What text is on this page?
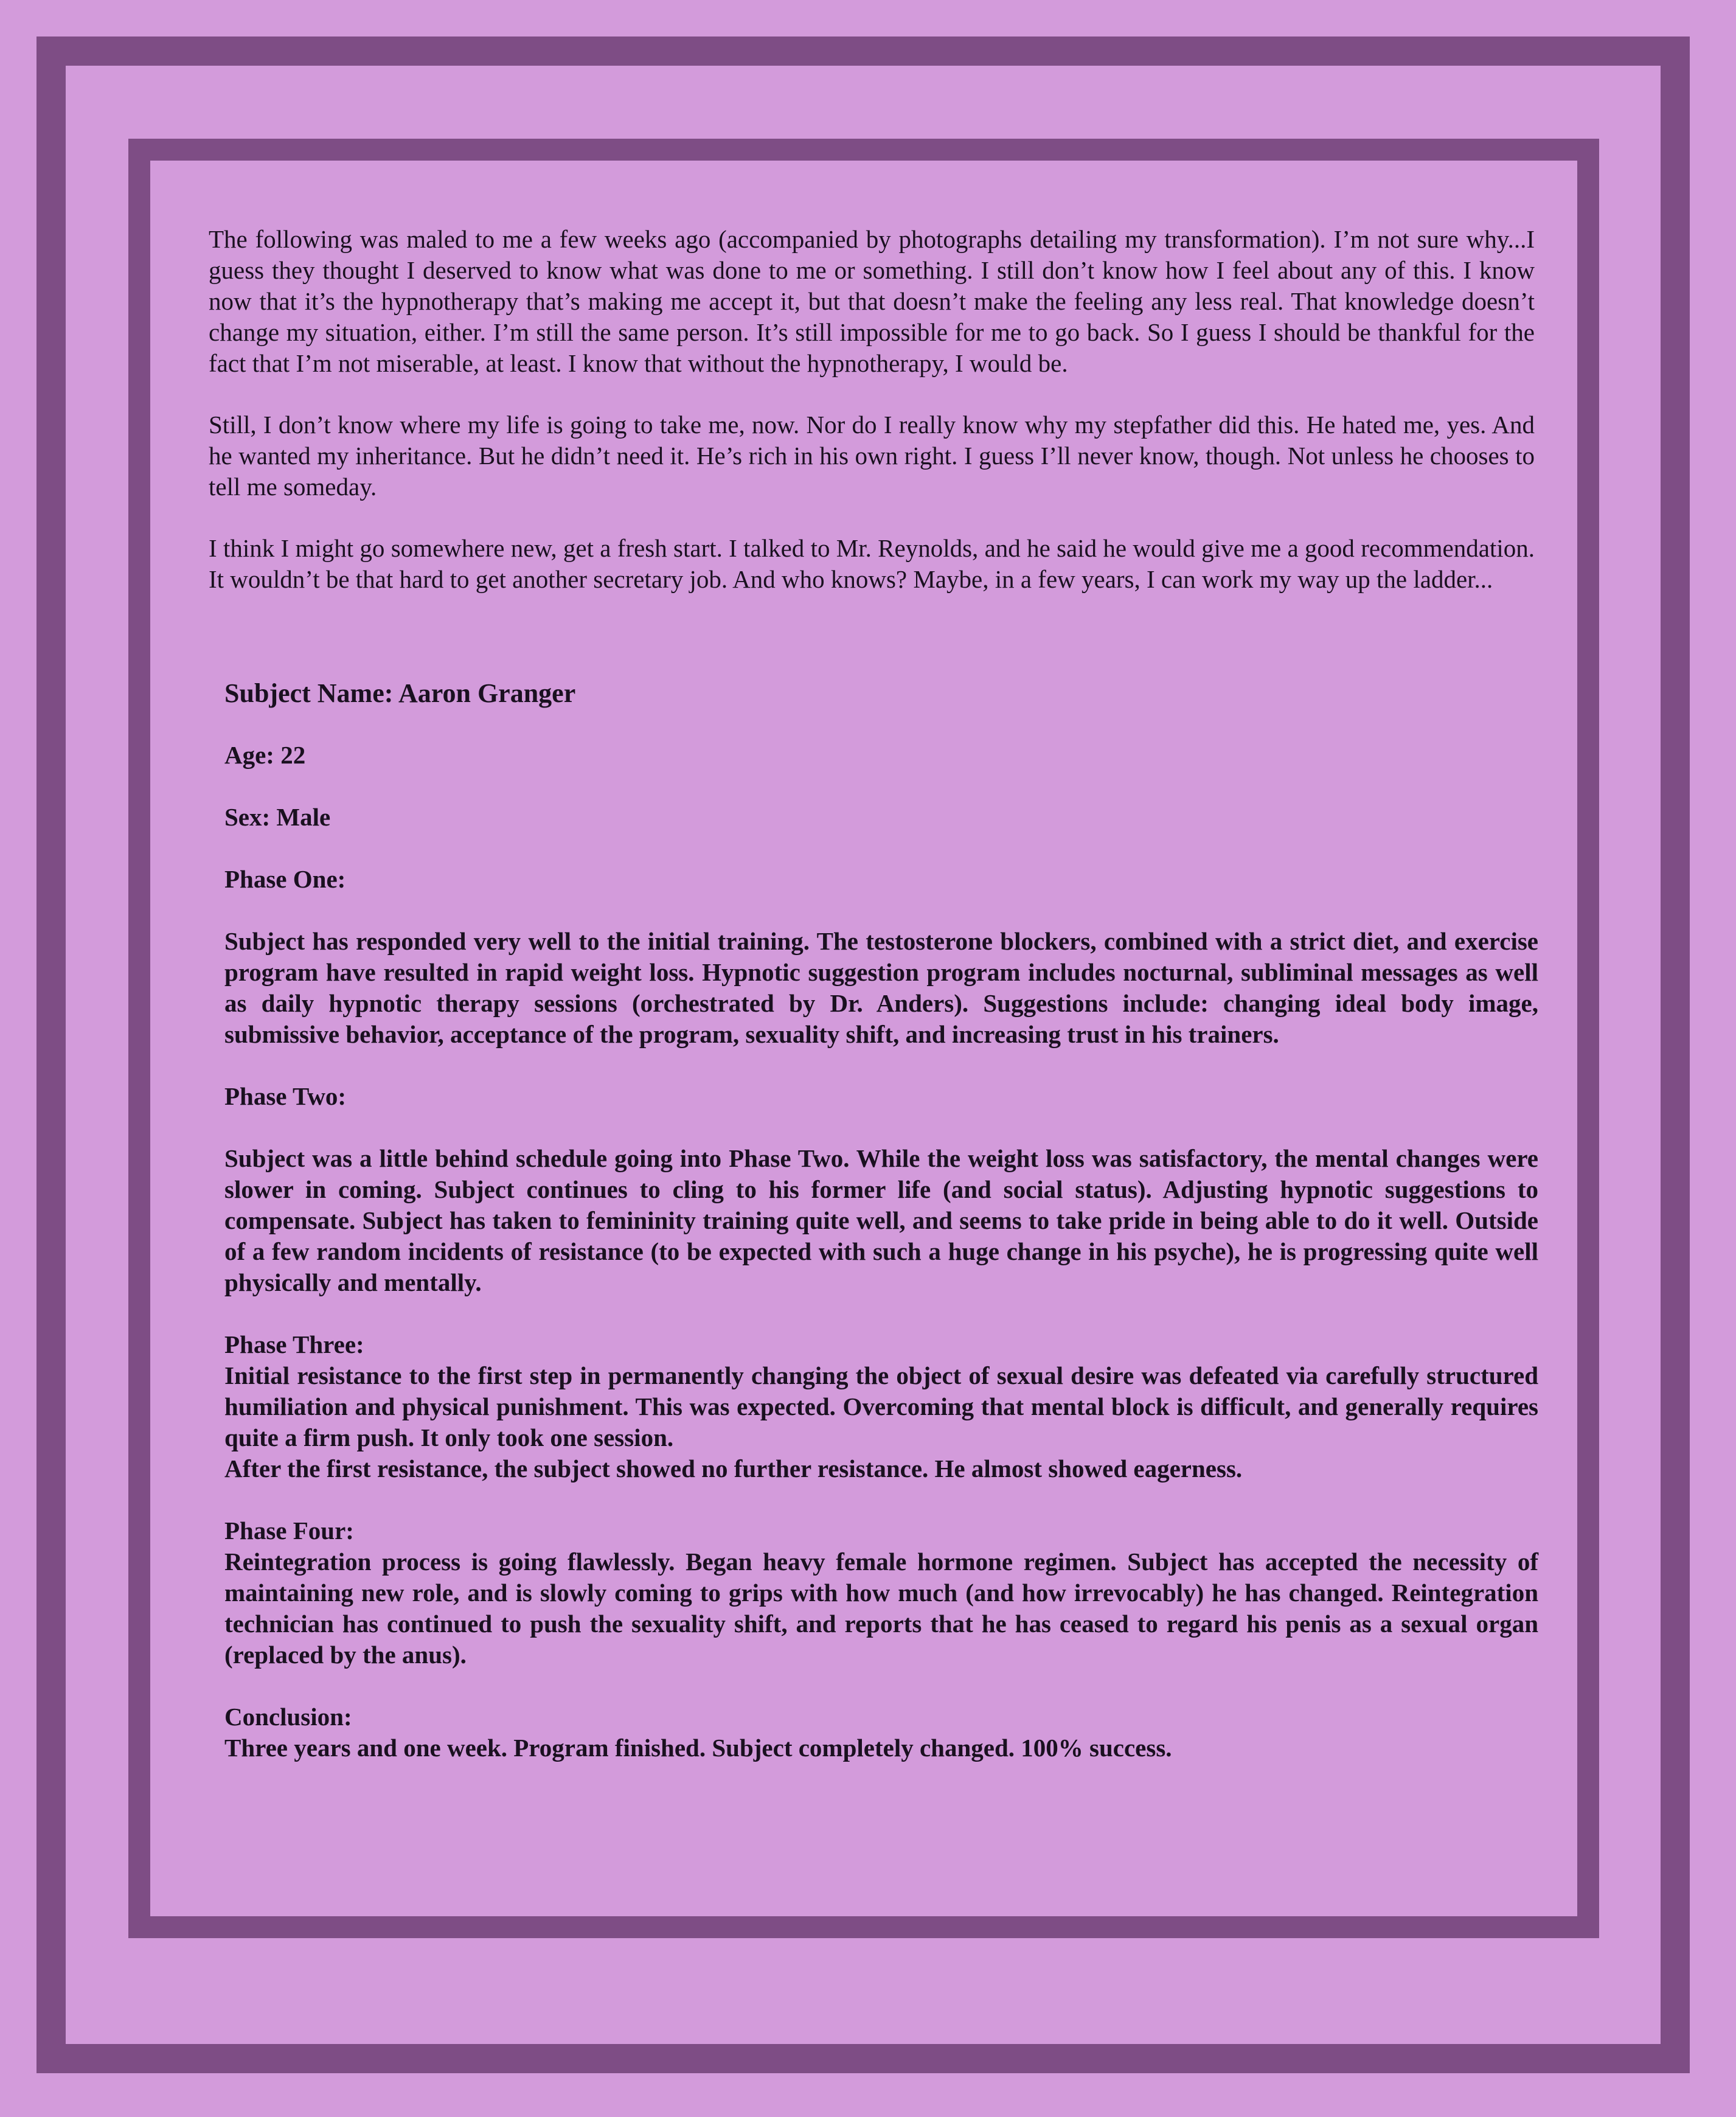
The following was maled to me a few weeks ago (accompanied by photographs detailing my transformation). I’m not sure why...I guess they thought I deserved to know what was done to me or something. I still don’t know how I feel about any of this. I know now that it’s the hypnotherapy that’s making me accept it, but that doesn’t make the feeling any less real. That knowledge doesn’t change my situation, either. I’m still the same person. It’s still impossible for me to go back. So I guess I should be thankful for the fact that I’m not miserable, at least. I know that without the hypnotherapy, I would be.

Still, I don’t know where my life is going to take me, now. Nor do I really know why my stepfather did this. He hated me, yes. And he wanted my inheritance. But he didn’t need it. He’s rich in his own right. I guess I’ll never know, though. Not unless he chooses to tell me someday.

I think I might go somewhere new, get a fresh start. I talked to Mr. Reynolds, and he said he would give me a good recommendation. It wouldn’t be that hard to get another secretary job. And who knows? Maybe, in a few years, I can work my way up the ladder...

Subject Name: Aaron Granger
Age: 22
Sex: Male
Phase One:

Subject has responded very well to the initial training. The testosterone blockers, combined with a strict diet, and exercise program have resulted in rapid weight loss. Hypnotic suggestion program includes nocturnal, subliminal messages as well as daily hypnotic therapy sessions (orchestrated by Dr. Anders). Suggestions include: changing ideal body image, submissive behavior, acceptance of the program, sexuality shift, and increasing trust in his trainers.

Phase Two:

Subject was a little behind schedule going into Phase Two. While the weight loss was satisfactory, the mental changes were slower in coming. Subject continues to cling to his former life (and social status). Adjusting hypnotic suggestions to compensate. Subject has taken to femininity training quite well, and seems to take pride in being able to do it well. Outside of a few random incidents of resistance (to be expected with such a huge change in his psyche), he is progressing quite well physically and mentally.

Phase Three:

Initial resistance to the first step in permanently changing the object of sexual desire was defeated via carefully structured humiliation and physical punishment. This was expected. Overcoming that mental block is difficult, and generally requires quite a firm push. It only took one session.

After the first resistance, the subject showed no further resistance. He almost showed eagerness.

Phase Four:

Reintegration process is going flawlessly. Began heavy female hormone regimen. Subject has accepted the necessity of maintaining new role, and is slowly coming to grips with how much (and how irrevocably) he has changed. Reintegration technician has continued to push the sexuality shift, and reports that he has ceased to regard his penis as a sexual organ (replaced by the anus).

Conclusion:

Three years and one week. Program finished. Subject completely changed. 100% success.
